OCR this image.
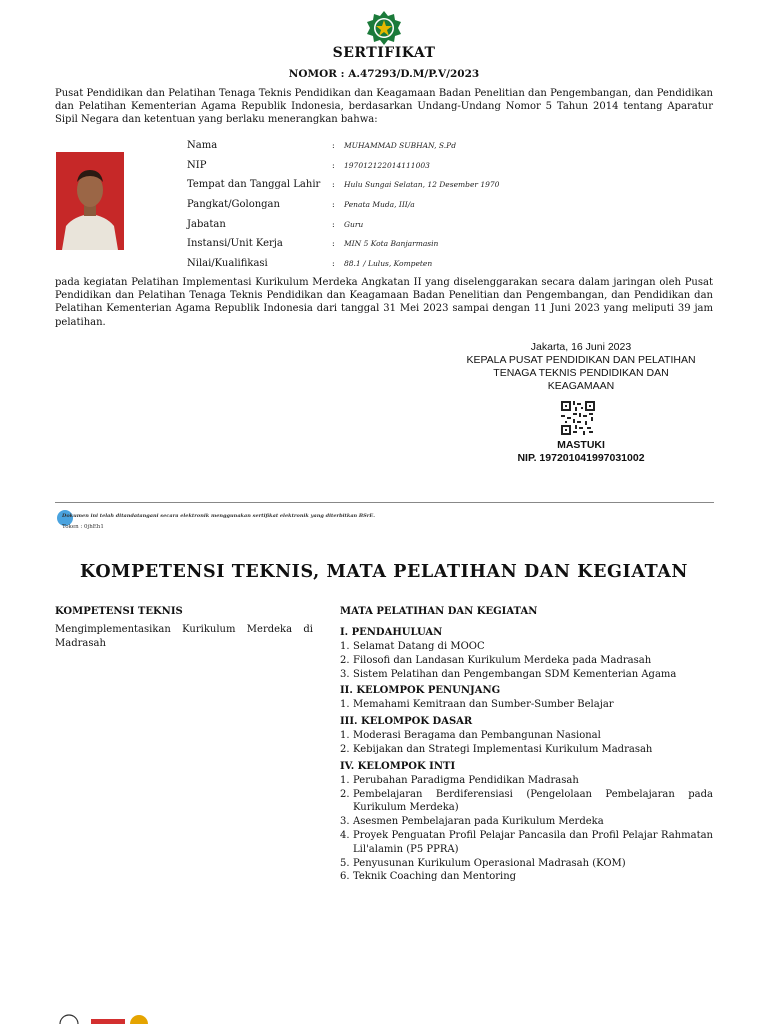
SERTIFIKAT
NOMOR : A.47293/D.M/P.V/2023
Pusat Pendidikan dan Pelatihan Tenaga Teknis Pendidikan dan Keagamaan Badan Penelitian dan Pengembangan, dan Pendidikan dan Pelatihan Kementerian Agama Republik Indonesia, berdasarkan Undang-Undang Nomor 5 Tahun 2014 tentang Aparatur Sipil Negara dan ketentuan yang berlaku menerangkan bahwa:
Nama	:	MUHAMMAD SUBHAN, S.Pd
NIP	:	197012122014111003
Tempat dan Tanggal Lahir	:	Hulu Sungai Selatan, 12 Desember 1970
Pangkat/Golongan	:	Penata Muda, III/a
Jabatan	:	Guru
Instansi/Unit Kerja	:	MIN 5 Kota Banjarmasin
Nilai/Kualifikasi	:	88.1 / Lulus, Kompeten
pada kegiatan Pelatihan Implementasi Kurikulum Merdeka Angkatan II yang diselenggarakan secara dalam jaringan oleh Pusat Pendidikan dan Pelatihan Tenaga Teknis Pendidikan dan Keagamaan Badan Penelitian dan Pengembangan, dan Pendidikan dan Pelatihan Kementerian Agama Republik Indonesia dari tanggal 31 Mei 2023 sampai dengan 11 Juni 2023 yang meliputi 39 jam pelatihan.
Jakarta, 16 Juni 2023
KEPALA PUSAT PENDIDIKAN DAN PELATIHAN
TENAGA TEKNIS PENDIDIKAN DAN
KEAGAMAAN
MASTUKI
NIP. 197201041997031002
Dokumen ini telah ditandatangani secara elektronik menggunakan sertifikat elektronik yang diterbitkan BSrE.
Token : 0jhEh1
KOMPETENSI TEKNIS, MATA PELATIHAN DAN KEGIATAN
KOMPETENSI TEKNIS
Mengimplementasikan Kurikulum Merdeka di Madrasah
MATA PELATIHAN DAN KEGIATAN
I. PENDAHULUAN
1. Selamat Datang di MOOC
2. Filosofi dan Landasan Kurikulum Merdeka pada Madrasah
3. Sistem Pelatihan dan Pengembangan SDM Kementerian Agama
II. KELOMPOK PENUNJANG
1. Memahami Kemitraan dan Sumber-Sumber Belajar
III. KELOMPOK DASAR
1. Moderasi Beragama dan Pembangunan Nasional
2. Kebijakan dan Strategi Implementasi Kurikulum Madrasah
IV. KELOMPOK INTI
1. Perubahan Paradigma Pendidikan Madrasah
2. Pembelajaran Berdiferensiasi (Pengelolaan Pembelajaran pada Kurikulum Merdeka)
3. Asesmen Pembelajaran pada Kurikulum Merdeka
4. Proyek Penguatan Profil Pelajar Pancasila dan Profil Pelajar Rahmatan Lil'alamin (P5 PPRA)
5. Penyusunan Kurikulum Operasional Madrasah (KOM)
6. Teknik Coaching dan Mentoring
